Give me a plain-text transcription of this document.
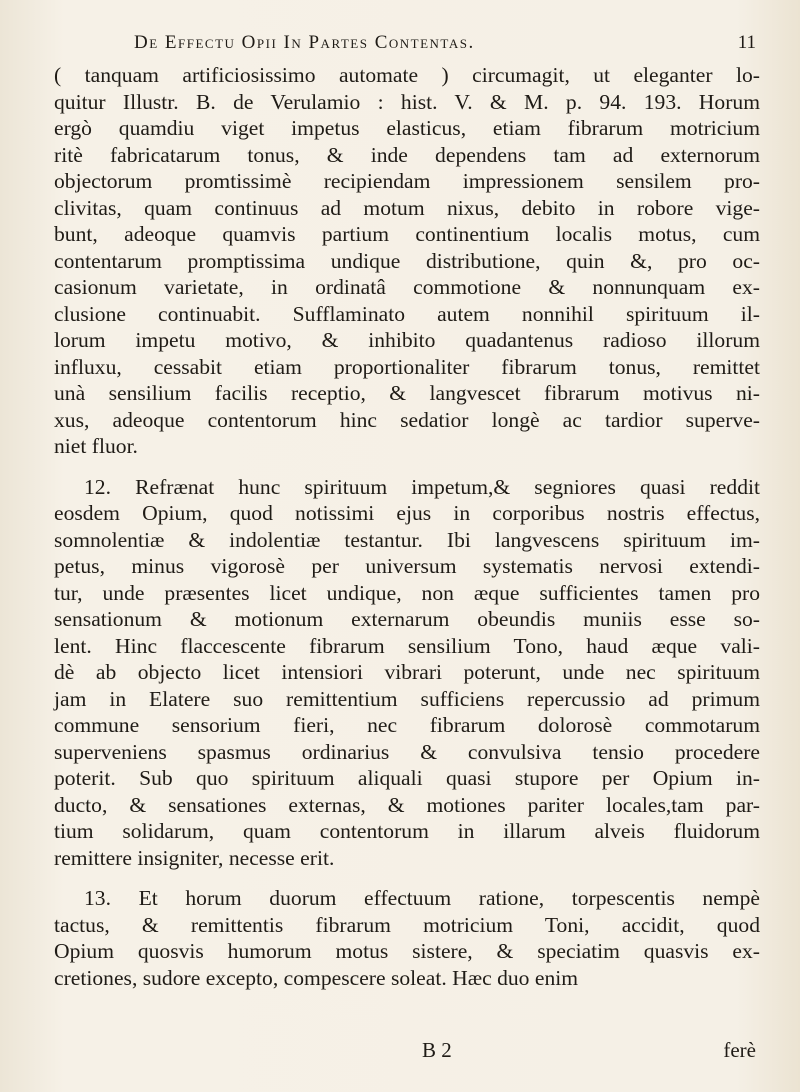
De Effectu Opii In Partes Contentas.	11
( tanquam artificiosissimo automate ) circumagit, ut eleganter lo-
quitur Illustr. B. de Verulamio : hist. V. & M. p. 94. 193. Horum
ergò quamdiu viget impetus elasticus, etiam fibrarum motricium
ritè fabricatarum tonus, & inde dependens tam ad externorum
objectorum promtissimè recipiendam impressionem sensilem pro-
clivitas, quam continuus ad motum nixus, debito in robore vige-
bunt, adeoque quamvis partium continentium localis motus, cum
contentarum promptissima undique distributione, quin &, pro oc-
casionum varietate, in ordinatâ commotione & nonnunquam ex-
clusione continuabit. Sufflaminato autem nonnihil spirituum il-
lorum impetu motivo, & inhibito quadantenus radioso illorum
influxu, cessabit etiam proportionaliter fibrarum tonus, remittet
unà sensilium facilis receptio, & langvescet fibrarum motivus ni-
xus, adeoque contentorum hinc sedatior longè ac tardior superve-
niet fluor.
12. Refrænat hunc spirituum impetum,& segniores quasi reddit
eosdem Opium, quod notissimi ejus in corporibus nostris effectus,
somnolentiæ & indolentiæ testantur. Ibi langvescens spirituum im-
petus, minus vigorosè per universum systematis nervosi extendi-
tur, unde præsentes licet undique, non æque sufficientes tamen pro
sensationum & motionum externarum obeundis muniis esse so-
lent. Hinc flaccescente fibrarum sensilium Tono, haud æque vali-
dè ab objecto licet intensiori vibrari poterunt, unde nec spirituum
jam in Elatere suo remittentium sufficiens repercussio ad primum
commune sensorium fieri, nec fibrarum dolorosè commotarum
superveniens spasmus ordinarius & convulsiva tensio procedere
poterit. Sub quo spirituum aliquali quasi stupore per Opium in-
ducto, & sensationes externas, & motiones pariter locales,tam par-
tium solidarum, quam contentorum in illarum alveis fluidorum
remittere insigniter, necesse erit.
13. Et horum duorum effectuum ratione, torpescentis nempè
tactus, & remittentis fibrarum motricium Toni, accidit, quod
Opium quosvis humorum motus sistere, & speciatim quasvis ex-
cretiones, sudore excepto, compescere soleat. Hæc duo enim
B 2	ferè
